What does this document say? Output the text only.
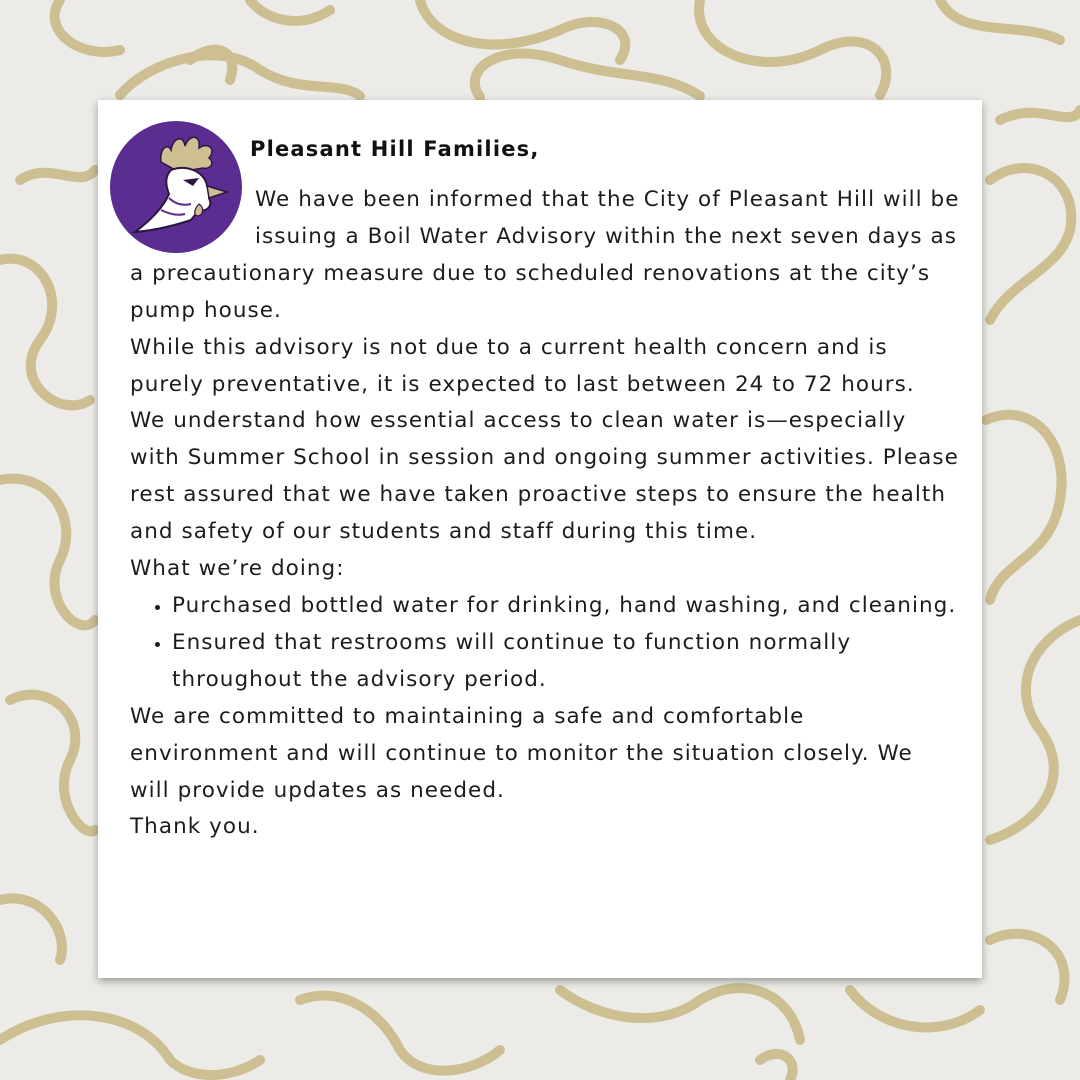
Pleasant Hill Families,

We have been informed that the City of Pleasant Hill will be issuing a Boil Water Advisory within the next seven days as a precautionary measure due to scheduled renovations at the city’s pump house.

While this advisory is not due to a current health concern and is purely preventative, it is expected to last between 24 to 72 hours.

We understand how essential access to clean water is—especially with Summer School in session and ongoing summer activities. Please rest assured that we have taken proactive steps to ensure the health and safety of our students and staff during this time.

What we’re doing:

• Purchased bottled water for drinking, hand washing, and cleaning.
• Ensured that restrooms will continue to function normally throughout the advisory period.

We are committed to maintaining a safe and comfortable environment and will continue to monitor the situation closely. We will provide updates as needed.

Thank you.
